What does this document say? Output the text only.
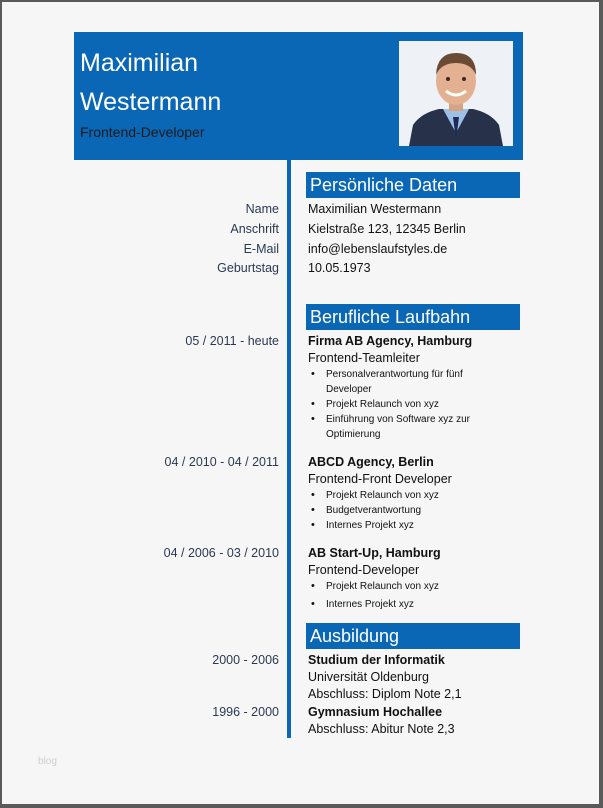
Maximilian
Westermann
Frontend-Developer
Persönliche Daten
Name Maximilian Westermann
Anschrift Kielstraße 123, 12345 Berlin
E-Mail info@lebenslaufstyles.de
Geburtstag 10.05.1973
Berufliche Laufbahn
05 / 2011 - heute Firma AB Agency, Hamburg
Frontend-Teamleiter
• Personalverantwortung für fünf Developer
• Projekt Relaunch von xyz
• Einführung von Software xyz zur Optimierung
04 / 2010 - 04 / 2011 ABCD Agency, Berlin
Frontend-Front Developer
• Projekt Relaunch von xyz
• Budgetverantwortung
• Internes Projekt xyz
04 / 2006 - 03 / 2010 AB Start-Up, Hamburg
Frontend-Developer
• Projekt Relaunch von xyz
• Internes Projekt xyz
Ausbildung
2000 - 2006 Studium der Informatik
Universität Oldenburg
Abschluss: Diplom Note 2,1
1996 - 2000 Gymnasium Hochallee
Abschluss: Abitur Note 2,3
blog
